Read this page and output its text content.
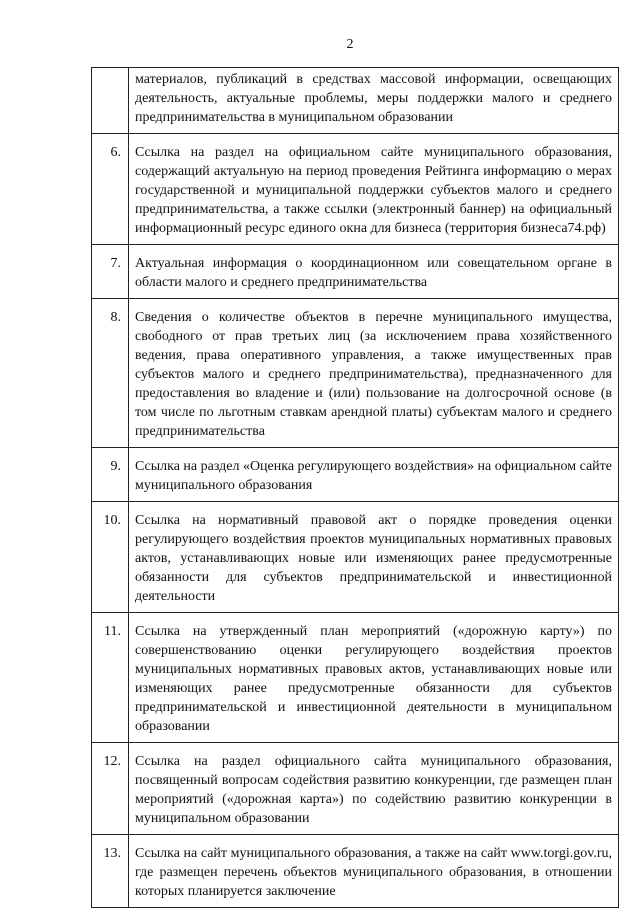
2
	материалов, публикаций в средствах массовой информации, освещающих деятельность, актуальные проблемы, меры поддержки малого и среднего предпринимательства в муниципальном образовании
6.	Ссылка на раздел на официальном сайте муниципального образования, содержащий актуальную на период проведения Рейтинга информацию о мерах государственной и муниципальной поддержки субъектов малого и среднего предпринимательства, а также ссылки (электронный баннер) на официальный информационный ресурс единого окна для бизнеса (территория бизнеса74.рф)
7.	Актуальная информация о координационном или совещательном органе в области малого и среднего предпринимательства
8.	Сведения о количестве объектов в перечне муниципального имущества, свободного от прав третьих лиц (за исключением права хозяйственного ведения, права оперативного управления, а также имущественных прав субъектов малого и среднего предпринимательства), предназначенного для предоставления во владение и (или) пользование на долгосрочной основе (в том числе по льготным ставкам арендной платы) субъектам малого и среднего предпринимательства
9.	Ссылка на раздел «Оценка регулирующего воздействия» на официальном сайте муниципального образования
10.	Ссылка на нормативный правовой акт о порядке проведения оценки регулирующего воздействия проектов муниципальных нормативных правовых актов, устанавливающих новые или изменяющих ранее предусмотренные обязанности для субъектов предпринимательской и инвестиционной деятельности
11.	Ссылка на утвержденный план мероприятий («дорожную карту») по совершенствованию оценки регулирующего воздействия проектов муниципальных нормативных правовых актов, устанавливающих новые или изменяющих ранее предусмотренные обязанности для субъектов предпринимательской и инвестиционной деятельности в муниципальном образовании
12.	Ссылка на раздел официального сайта муниципального образования, посвященный вопросам содействия развитию конкуренции, где размещен план мероприятий («дорожная карта») по содействию развитию конкуренции в муниципальном образовании
13.	Ссылка на сайт муниципального образования, а также на сайт www.torgi.gov.ru, где размещен перечень объектов муниципального образования, в отношении которых планируется заключение
